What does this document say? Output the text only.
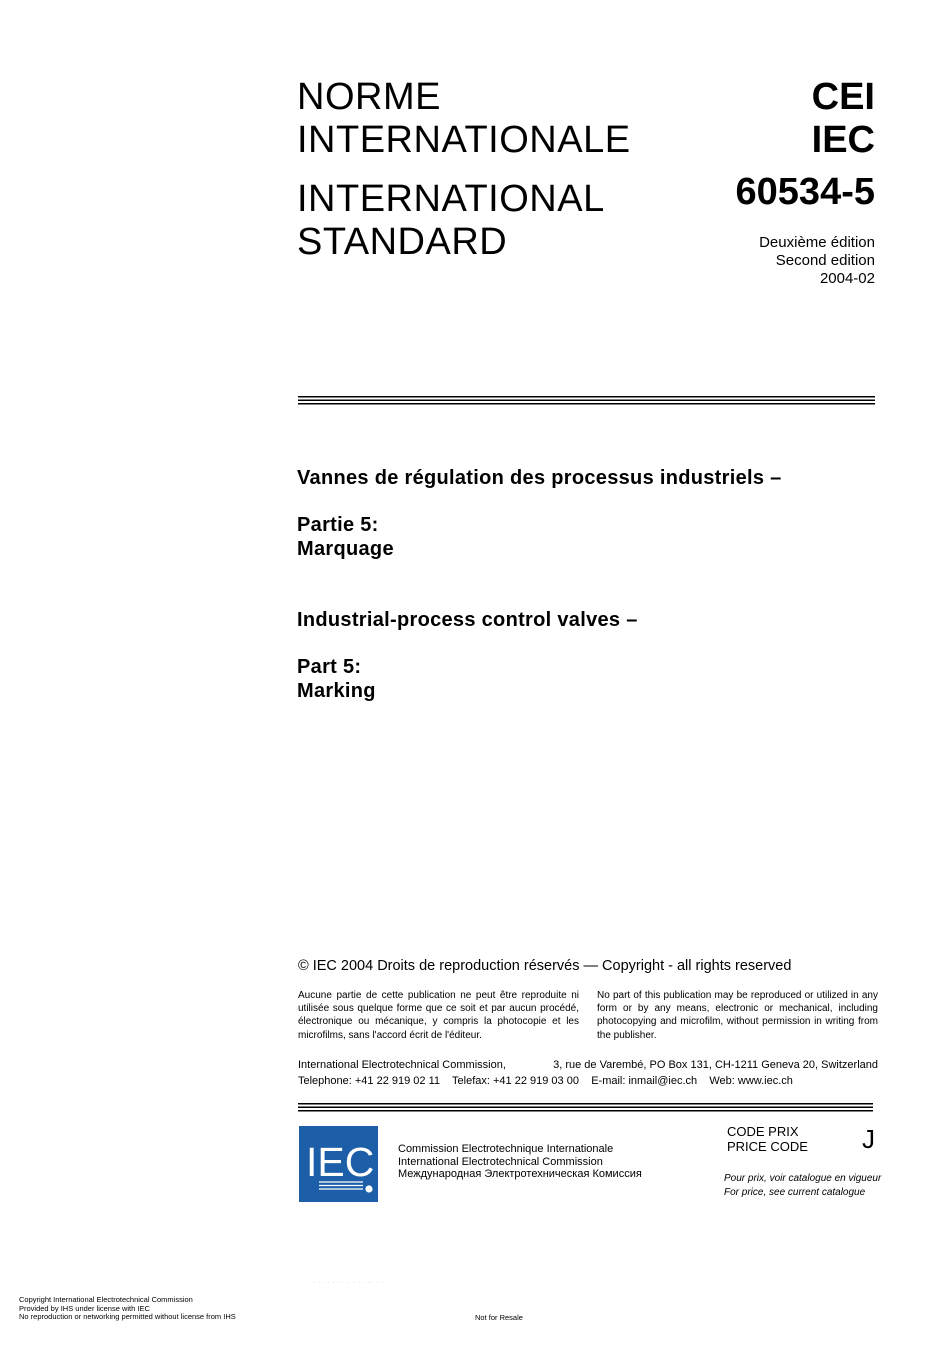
NORME
INTERNATIONALE
INTERNATIONAL
STANDARD
CEI
IEC
60534-5
Deuxième édition
Second edition
2004-02
Vannes de régulation des processus industriels –
Partie 5:
Marquage
Industrial-process control valves –
Part 5:
Marking
© IEC 2004 Droits de reproduction réservés — Copyright - all rights reserved
Aucune partie de cette publication ne peut être reproduite ni utilisée sous quelque forme que ce soit et par aucun procédé, électronique ou mécanique, y compris la photocopie et les microfilms, sans l'accord écrit de l'éditeur.
No part of this publication may be reproduced or utilized in any form or by any means, electronic or mechanical, including photocopying and microfilm, without permission in writing from the publisher.
International Electrotechnical Commission,	3, rue de Varembé, PO Box 131, CH-1211 Geneva 20, Switzerland
Telephone: +41 22 919 02 11 Telefax: +41 22 919 03 00 E-mail: inmail@iec.ch Web: www.iec.ch
IEC Commission Electrotechnique Internationale
International Electrotechnical Commission
Международная Электротехническая Комиссия
CODE PRIX
PRICE CODE J
Pour prix, voir catalogue en vigueur
For price, see current catalogue
· · ·· · ·· · · ·· ·· · ·
Copyright International Electrotechnical Commission
Provided by IHS under license with IEC
No reproduction or networking permitted without license from IHS	Not for Resale
